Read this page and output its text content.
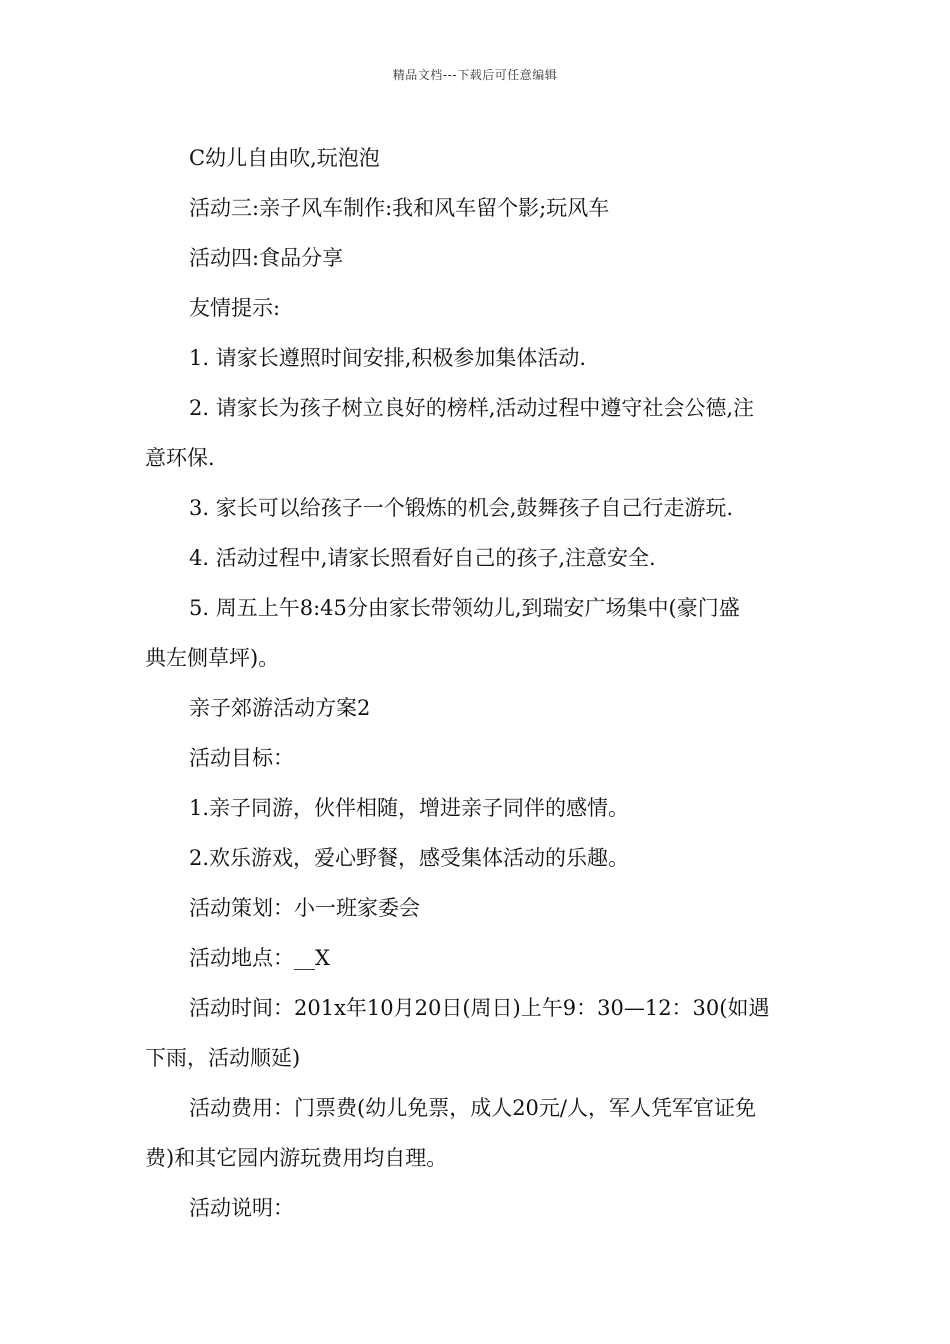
精品文档---下载后可任意编辑
C幼儿自由吹,玩泡泡
活动三:亲子风车制作:我和风车留个影;玩风车
活动四:食品分享
友情提示:
1. 请家长遵照时间安排,积极参加集体活动.
2. 请家长为孩子树立良好的榜样,活动过程中遵守社会公德,注
意环保.
3. 家长可以给孩子一个锻炼的机会,鼓舞孩子自己行走游玩.
4. 活动过程中,请家长照看好自己的孩子,注意安全.
5. 周五上午8:45分由家长带领幼儿,到瑞安广场集中(豪门盛
典左侧草坪)。
亲子郊游活动方案2
活动目标：
1.亲子同游，伙伴相随，增进亲子同伴的感情。
2.欢乐游戏，爱心野餐，感受集体活动的乐趣。
活动策划：小一班家委会
活动地点：__X
活动时间：201x年10月20日(周日)上午9：30—12：30(如遇
下雨，活动顺延)
活动费用：门票费(幼儿免票，成人20元/人，军人凭军官证免
费)和其它园内游玩费用均自理。
活动说明：
